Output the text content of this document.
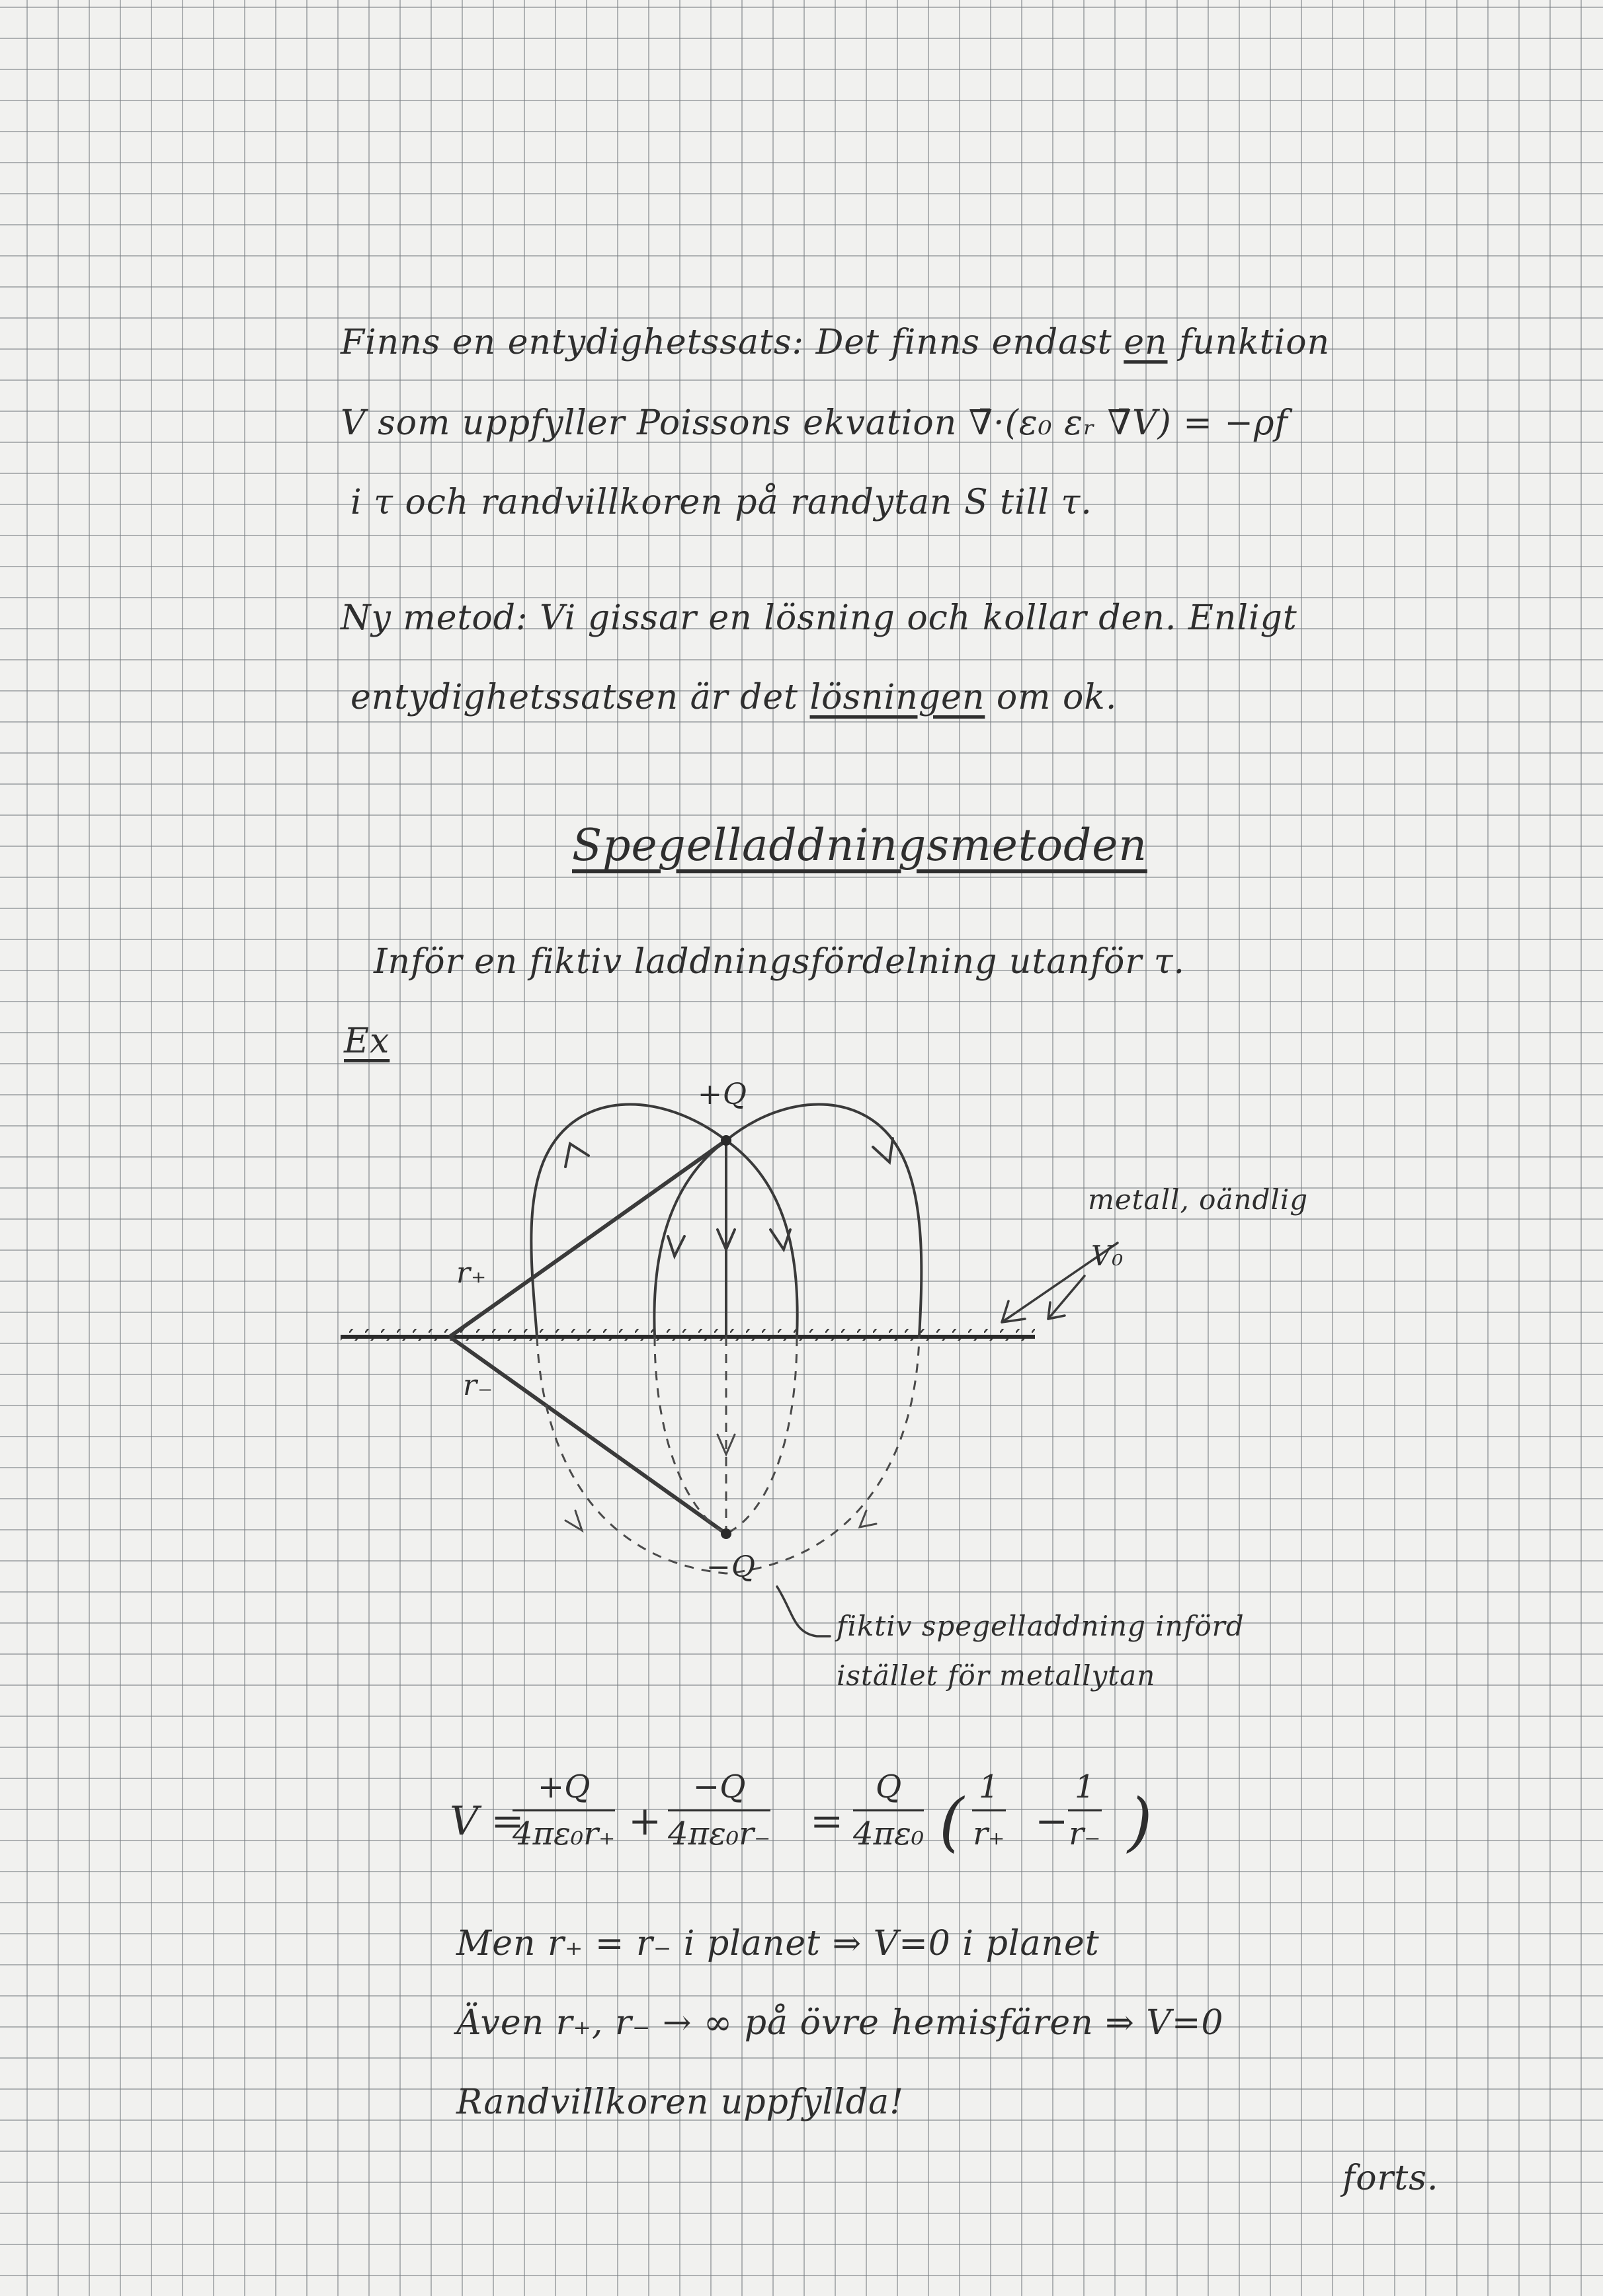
Finns en entydighetssats: Det finns endast en funktion

V som uppfyller Poissons ekvation ∇̄·(ε₀ εᵣ ∇̄V) = −ρf

i τ och randvillkoren på randytan S till τ.

Ny metod: Vi gissar en lösning och kollar den. Enligt

entydighetssatsen är det lösningen om ok.

Spegelladdningsmetoden

Inför en fiktiv laddningsfördelning utanför τ.

Ex

+Q

−Q

r₊

r₋

metall, oändlig

V₀

fiktiv spegelladdning införd

istället för metallytan

V =
$\frac{+Q}{\text{4πε₀r₊}} + \frac{-Q}{\text{4πε₀r₋}} = \frac{Q}{\text{4πε₀}}$ ( $\frac{1}{r_+} - \frac{1}{r_-}$ )

Men r₊ = r₋ i planet ⇒ V=0 i planet

Även r₊, r₋ → ∞ på övre hemisfären ⇒ V=0

Randvillkoren uppfyllda!

forts.
